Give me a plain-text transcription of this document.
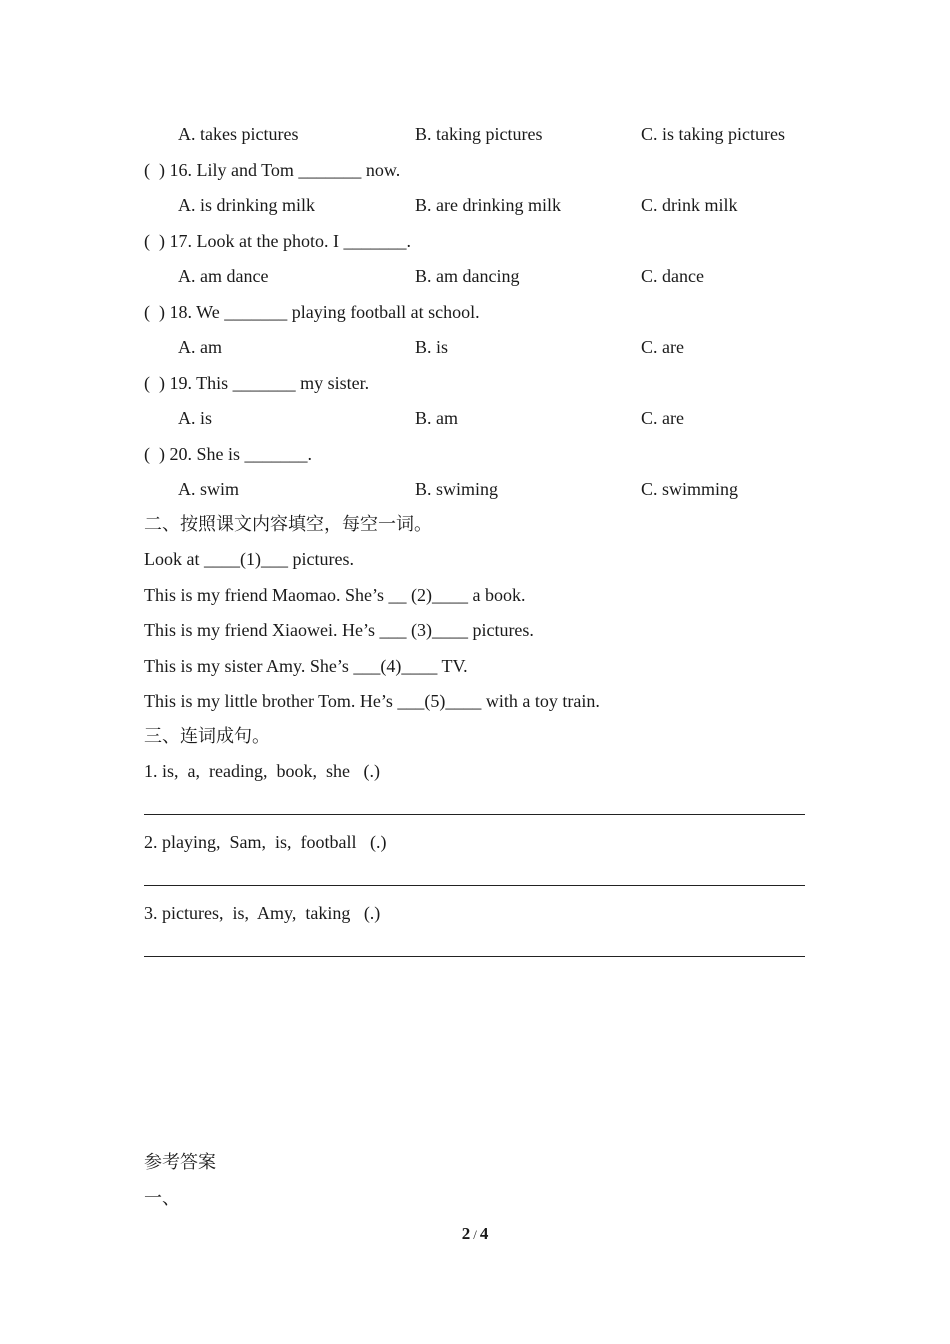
A. takes pictures	B. taking pictures	C. is taking pictures
(  ) 16. Lily and Tom _______ now.
A. is drinking milk	B. are drinking milk	C. drink milk
(  ) 17. Look at the photo. I _______.
A. am dance	B. am dancing	C. dance
(  ) 18. We _______ playing football at school.
A. am	B. is	C. are
(  ) 19. This _______ my sister.
A. is	B. am	C. are
(  ) 20. She is _______.
A. swim	B. swiming	C. swimming
二、按照课文内容填空，每空一词。
Look at ____(1)___ pictures.
This is my friend Maomao. She’s __ (2)____ a book.
This is my friend Xiaowei. He’s ___ (3)____ pictures.
This is my sister Amy. She’s ___(4)____ TV.
This is my little brother Tom. He’s ___(5)____ with a toy train.
三、连词成句。
1. is,  a,  reading,  book,  she   (.)
2. playing,  Sam,  is,  football   (.)
3. pictures,  is,  Amy,  taking   (.)
参考答案
一、
2 / 4
